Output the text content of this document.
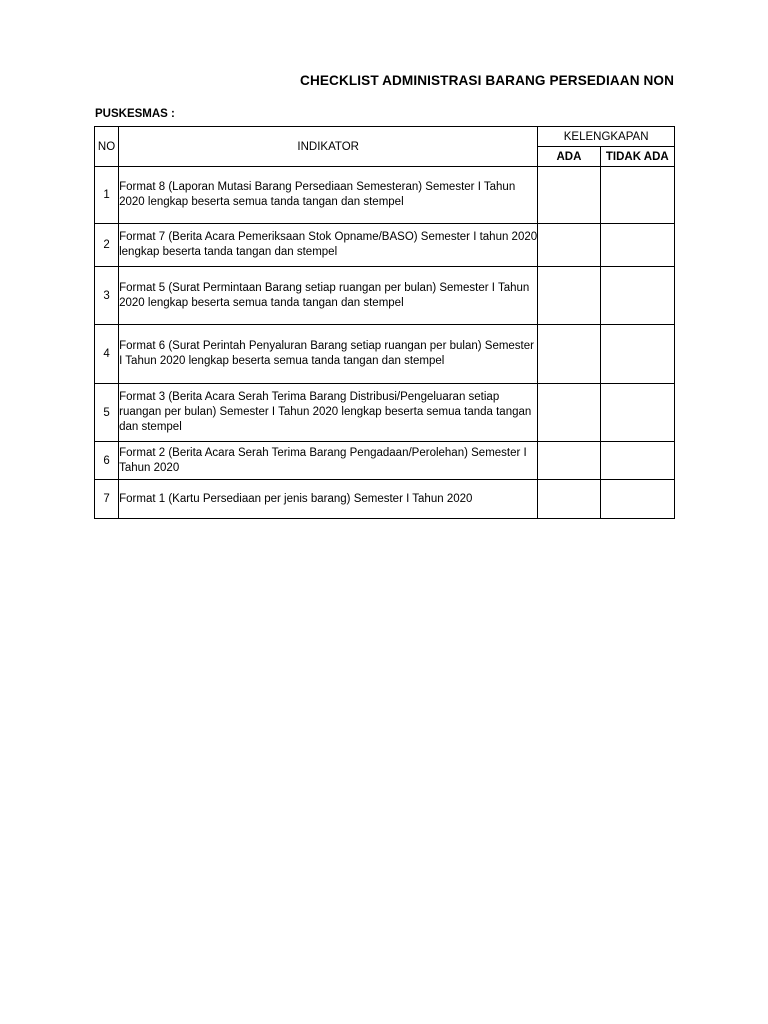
CHECKLIST ADMINISTRASI BARANG PERSEDIAAN NON
PUSKESMAS :
NO	INDIKATOR	KELENGKAPAN	
		ADA	TIDAK ADA
1	Format 8 (Laporan Mutasi Barang Persediaan Semesteran) Semester I Tahun 2020 lengkap beserta semua tanda tangan dan stempel		
2	Format 7 (Berita Acara Pemeriksaan Stok Opname/BASO) Semester I tahun 2020 lengkap beserta tanda tangan dan stempel		
3	Format 5 (Surat Permintaan Barang setiap ruangan per bulan) Semester I Tahun 2020 lengkap beserta semua tanda tangan dan stempel		
4	Format 6 (Surat Perintah Penyaluran Barang setiap ruangan per bulan) Semester I Tahun 2020 lengkap beserta semua tanda tangan dan stempel		
5	Format 3 (Berita Acara Serah Terima Barang Distribusi/Pengeluaran setiap ruangan per bulan) Semester I Tahun 2020 lengkap beserta semua tanda tangan dan stempel		
6	Format 2 (Berita Acara Serah Terima Barang Pengadaan/Perolehan) Semester I Tahun 2020		
7	Format 1 (Kartu Persediaan per jenis barang) Semester I Tahun 2020		
